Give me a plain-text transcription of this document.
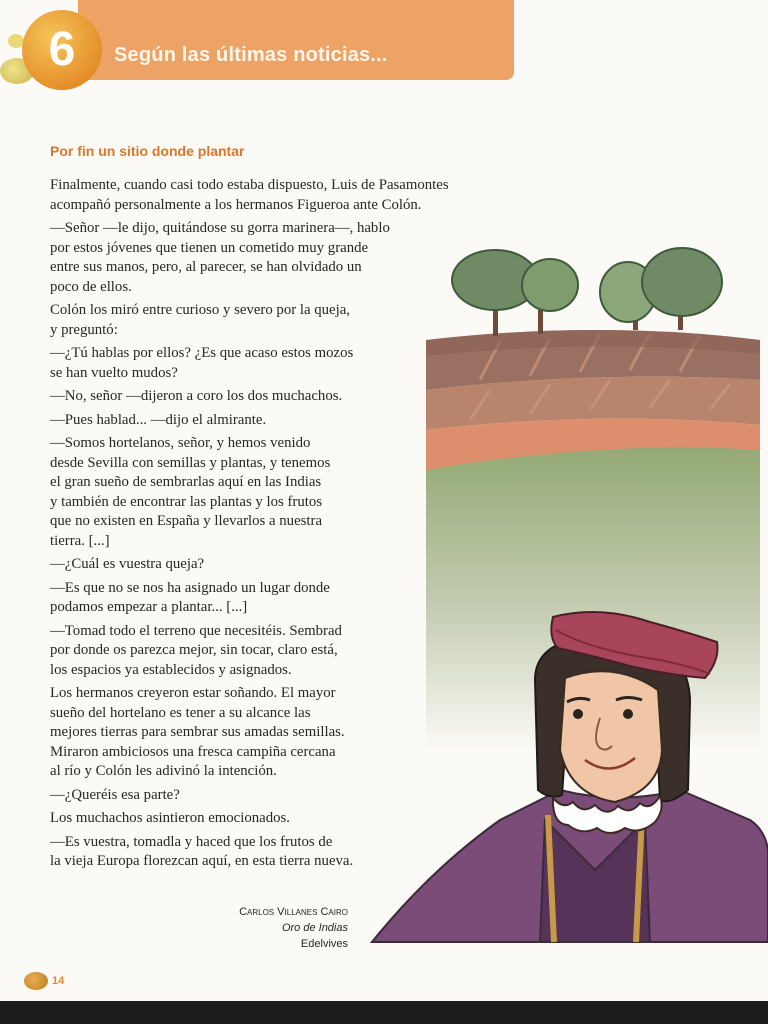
6	Según las últimas noticias...
Por fin un sitio donde plantar

Finalmente, cuando casi todo estaba dispuesto, Luis de Pasamontes
acompañó personalmente a los hermanos Figueroa ante Colón.

—Señor —le dijo, quitándose su gorra marinera—, hablo
por estos jóvenes que tienen un cometido muy grande
entre sus manos, pero, al parecer, se han olvidado un
poco de ellos.

Colón los miró entre curioso y severo por la queja,
y preguntó:

—¿Tú hablas por ellos? ¿Es que acaso estos mozos
se han vuelto mudos?

—No, señor —dijeron a coro los dos muchachos.

—Pues hablad... —dijo el almirante.

—Somos hortelanos, señor, y hemos venido
desde Sevilla con semillas y plantas, y tenemos
el gran sueño de sembrarlas aquí en las Indias
y también de encontrar las plantas y los frutos
que no existen en España y llevarlos a nuestra
tierra. [...]

—¿Cuál es vuestra queja?

—Es que no se nos ha asignado un lugar donde
podamos empezar a plantar... [...]

—Tomad todo el terreno que necesitéis. Sembrad
por donde os parezca mejor, sin tocar, claro está,
los espacios ya establecidos y asignados.

Los hermanos creyeron estar soñando. El mayor
sueño del hortelano es tener a su alcance las
mejores tierras para sembrar sus amadas semillas.
Miraron ambiciosos una fresca campiña cercana
al río y Colón les adivinó la intención.

—¿Queréis esa parte?

Los muchachos asintieron emocionados.

—Es vuestra, tomadla y haced que los frutos de
la vieja Europa florezcan aquí, en esta tierra nueva.

Carlos Villanes Cairo
Oro de Indias
Edelvives
14
